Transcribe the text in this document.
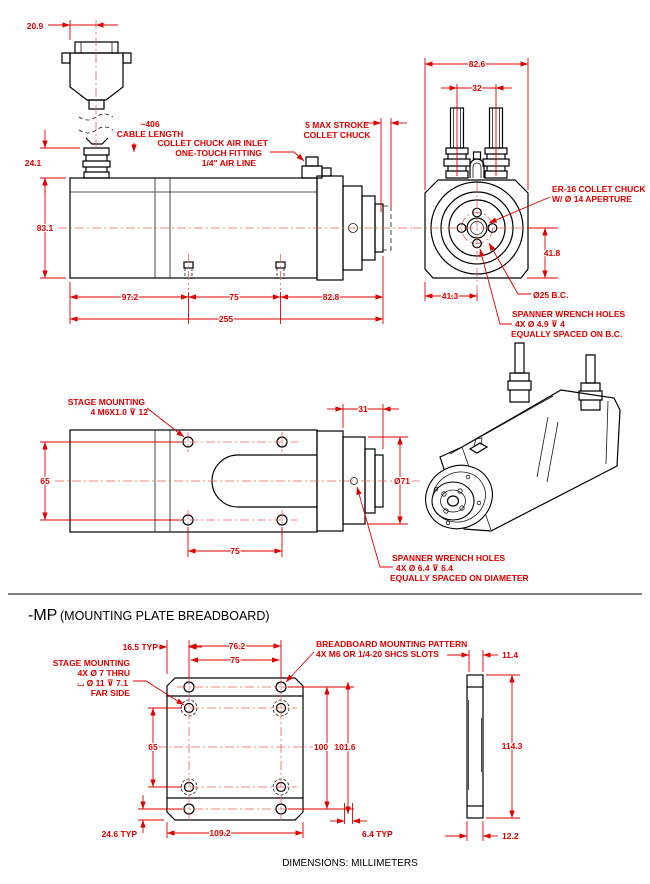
20.9
~406
CABLE LENGTH
24.1
83.1
97.2	75	82.8
255
COLLET CHUCK AIR INLET
ONE-TOUCH FITTING
1/4" AIR LINE
5 MAX STROKE
COLLET CHUCK
82.6
32
41.8
41.3	Ø25 B.C.
ER-16 COLLET CHUCK
W/ Ø 14 APERTURE
SPANNER WRENCH HOLES
4X Ø 4.9 ⊽ 4
EQUALLY SPACED ON B.C.
STAGE MOUNTING
4 M6X1.0 ⊽ 12
65
75
31
Ø71
SPANNER WRENCH HOLES
4X Ø 6.4 ⊽ 6.4
EQUALLY SPACED ON DIAMETER
-MP (MOUNTING PLATE BREADBOARD)
STAGE MOUNTING
4X Ø 7 THRU
⌴ Ø 11 ⊽ 7.1
FAR SIDE
BREADBOARD MOUNTING PATTERN
4X M6 OR 1/4-20 SHCS SLOTS
16.5 TYP	76.2
75
65	100 101.6
24.6 TYP	109.2	6.4 TYP
11.4
114.3
12.2
DIMENSIONS: MILLIMETERS
